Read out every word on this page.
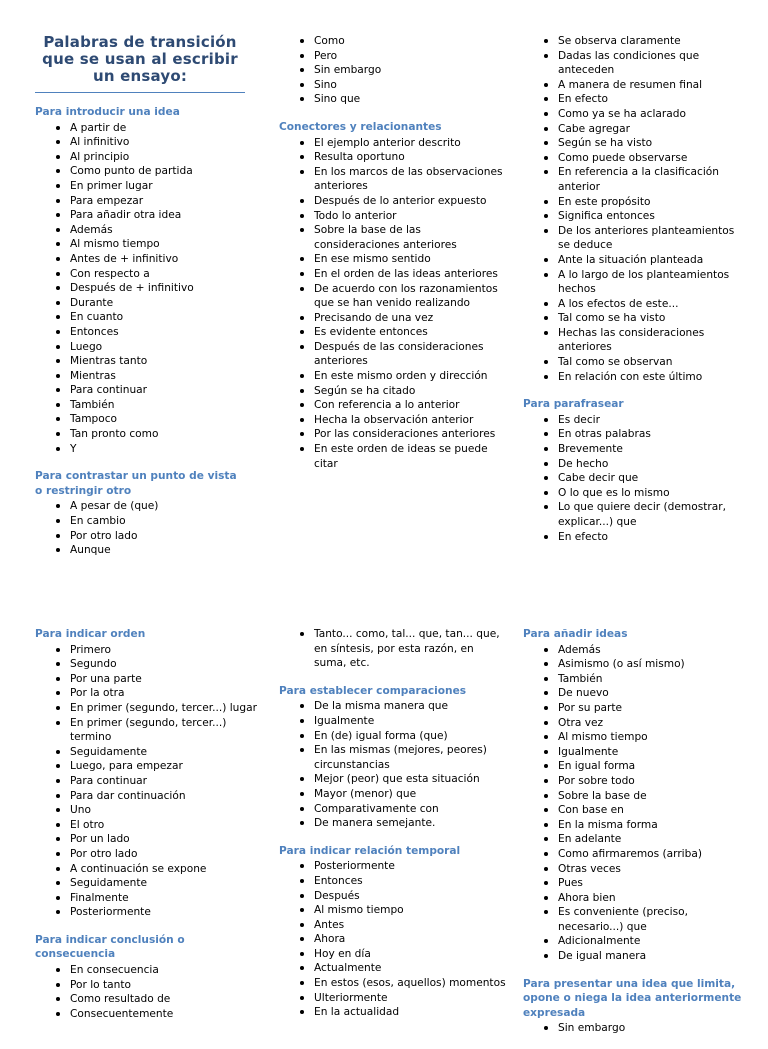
Palabras de transición que se usan al escribir un ensayo:
Para introducir una idea
A partir de
Al infinitivo
Al principio
Como punto de partida
En primer lugar
Para empezar
Para añadir otra idea
Además
Al mismo tiempo
Antes de + infinitivo
Con respecto a
Después de + infinitivo
Durante
En cuanto
Entonces
Luego
Mientras tanto
Mientras
Para continuar
También
Tampoco
Tan pronto como
Y
Para contrastar un punto de vista o restringir otro
A pesar de (que)
En cambio
Por otro lado
Aunque
Como
Pero
Sin embargo
Sino
Sino que
Conectores y relacionantes
El ejemplo anterior descrito
Resulta oportuno
En los marcos de las observaciones anteriores
Después de lo anterior expuesto
Todo lo anterior
Sobre la base de las consideraciones anteriores
En ese mismo sentido
En el orden de las ideas anteriores
De acuerdo con los razonamientos que se han venido realizando
Precisando de una vez
Es evidente entonces
Después de las consideraciones anteriores
En este mismo orden y dirección
Según se ha citado
Con referencia a lo anterior
Hecha la observación anterior
Por las consideraciones anteriores
En este orden de ideas se puede citar
Se observa claramente
Dadas las condiciones que anteceden
A manera de resumen final
En efecto
Como ya se ha aclarado
Cabe agregar
Según se ha visto
Como puede observarse
En referencia a la clasificación anterior
En este propósito
Significa entonces
De los anteriores planteamientos se deduce
Ante la situación planteada
A lo largo de los planteamientos hechos
A los efectos de este...
Tal como se ha visto
Hechas las consideraciones anteriores
Tal como se observan
En relación con este último
Para parafrasear
Es decir
En otras palabras
Brevemente
De hecho
Cabe decir que
O lo que es lo mismo
Lo que quiere decir (demostrar, explicar...) que
En efecto
Para indicar orden
Primero
Segundo
Por una parte
Por la otra
En primer (segundo, tercer...) lugar
En primer (segundo, tercer...) termino
Seguidamente
Luego, para empezar
Para continuar
Para dar continuación
Uno
El otro
Por un lado
Por otro lado
A continuación se expone
Seguidamente
Finalmente
Posteriormente
Para indicar conclusión o consecuencia
En consecuencia
Por lo tanto
Como resultado de
Consecuentemente
Tanto... como, tal... que, tan... que, en síntesis, por esta razón, en suma, etc.
Para establecer comparaciones
De la misma manera que
Igualmente
En (de) igual forma (que)
En las mismas (mejores, peores) circunstancias
Mejor (peor) que esta situación
Mayor (menor) que
Comparativamente con
De manera semejante.
Para indicar relación temporal
Posteriormente
Entonces
Después
Al mismo tiempo
Antes
Ahora
Hoy en día
Actualmente
En estos (esos, aquellos) momentos
Ulteriormente
En la actualidad
Para añadir ideas
Además
Asimismo (o así mismo)
También
De nuevo
Por su parte
Otra vez
Al mismo tiempo
Igualmente
En igual forma
Por sobre todo
Sobre la base de
Con base en
En la misma forma
En adelante
Como afirmaremos (arriba)
Otras veces
Pues
Ahora bien
Es conveniente (preciso, necesario...) que
Adicionalmente
De igual manera
Para presentar una idea que limita, opone o niega la idea anteriormente expresada
Sin embargo
